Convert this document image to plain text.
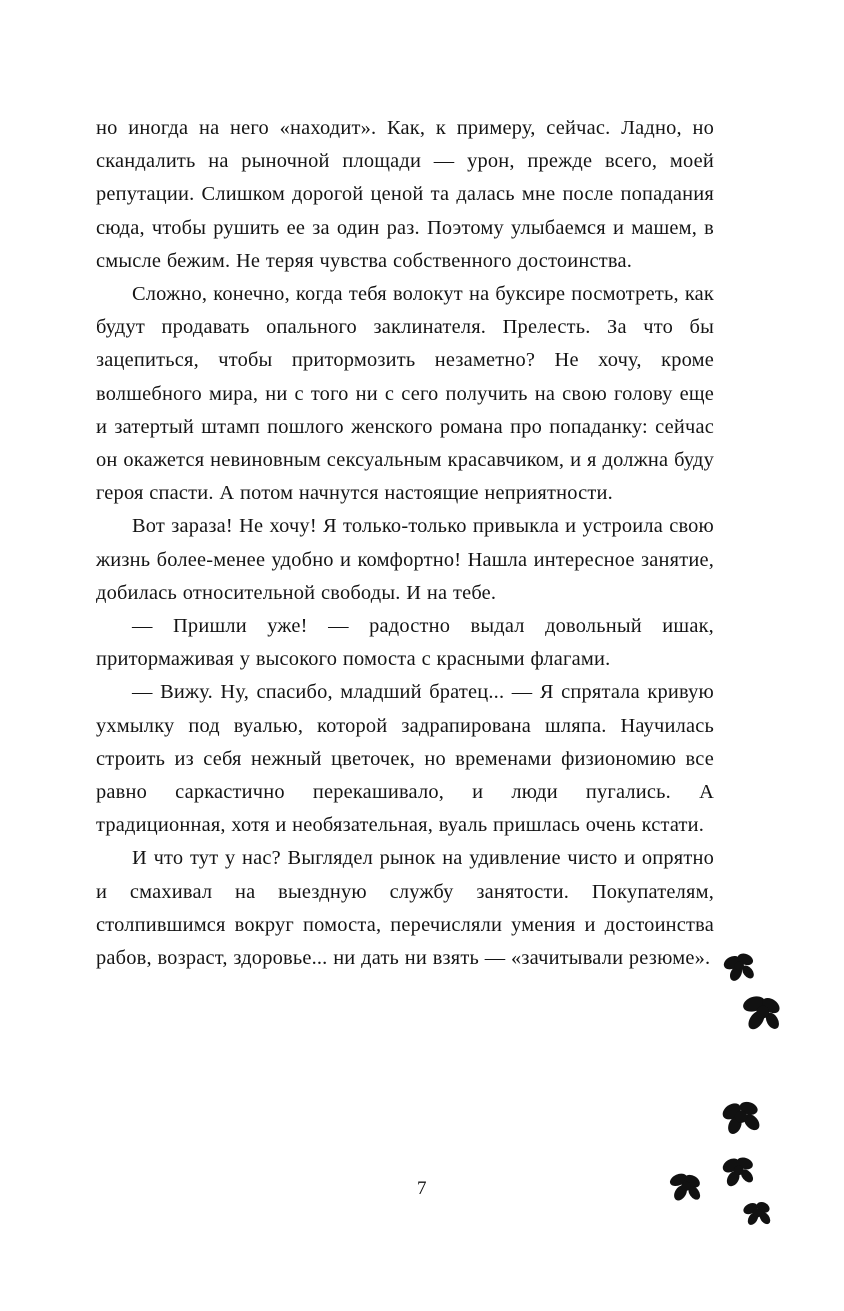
но иногда на него «находит». Как, к примеру, сейчас. Ладно, но скандалить на рыночной площади — урон, прежде всего, моей репутации. Слишком дорогой ценой та далась мне после попадания сюда, чтобы рушить ее за один раз. Поэтому улыбаемся и машем, в смысле бежим. Не теряя чувства собственного достоинства.

Сложно, конечно, когда тебя волокут на буксире посмотреть, как будут продавать опального заклинателя. Прелесть. За что бы зацепиться, чтобы притормозить незаметно? Не хочу, кроме волшебного мира, ни с того ни с сего получить на свою голову еще и затертый штамп пошлого женского романа про попаданку: сейчас он окажется невиновным сексуальным красавчиком, и я должна буду героя спасти. А потом начнутся настоящие неприятности.

Вот зараза! Не хочу! Я только-только привыкла и устроила свою жизнь более-менее удобно и комфортно! Нашла интересное занятие, добилась относительной свободы. И на тебе.

— Пришли уже! — радостно выдал довольный ишак, притормаживая у высокого помоста с красными флагами.

— Вижу. Ну, спасибо, младший братец... — Я спрятала кривую ухмылку под вуалью, которой задрапирована шляпа. Научилась строить из себя нежный цветочек, но временами физиономию все равно саркастично перекашивало, и люди пугались. А традиционная, хотя и необязательная, вуаль пришлась очень кстати.

И что тут у нас? Выглядел рынок на удивление чисто и опрятно и смахивал на выездную службу занятости. Покупателям, столпившимся вокруг помоста, перечисляли умения и достоинства рабов, возраст, здоровье... ни дать ни взять — «зачитывали резюме».

7
